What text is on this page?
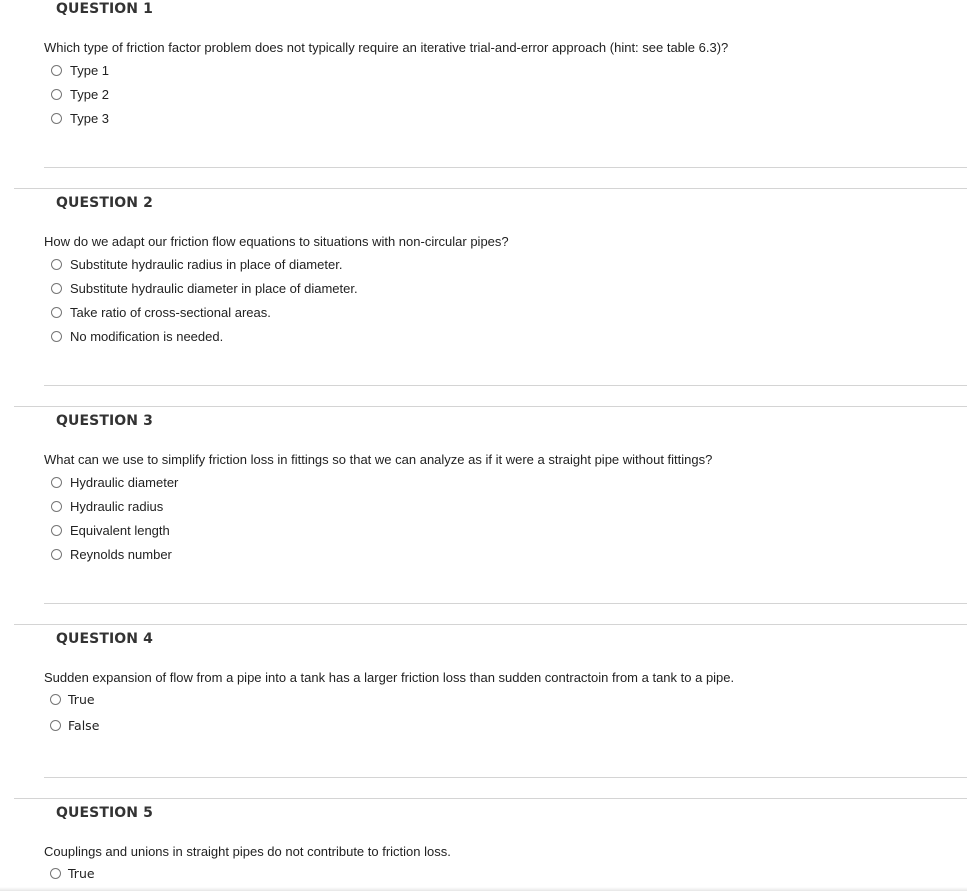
QUESTION 1
Which type of friction factor problem does not typically require an iterative trial-and-error approach (hint: see table 6.3)?
Type 1
Type 2
Type 3
QUESTION 2
How do we adapt our friction flow equations to situations with non-circular pipes?
Substitute hydraulic radius in place of diameter.
Substitute hydraulic diameter in place of diameter.
Take ratio of cross-sectional areas.
No modification is needed.
QUESTION 3
What can we use to simplify friction loss in fittings so that we can analyze as if it were a straight pipe without fittings?
Hydraulic diameter
Hydraulic radius
Equivalent length
Reynolds number
QUESTION 4
Sudden expansion of flow from a pipe into a tank has a larger friction loss than sudden contractoin from a tank to a pipe.
True
False
QUESTION 5
Couplings and unions in straight pipes do not contribute to friction loss.
True
